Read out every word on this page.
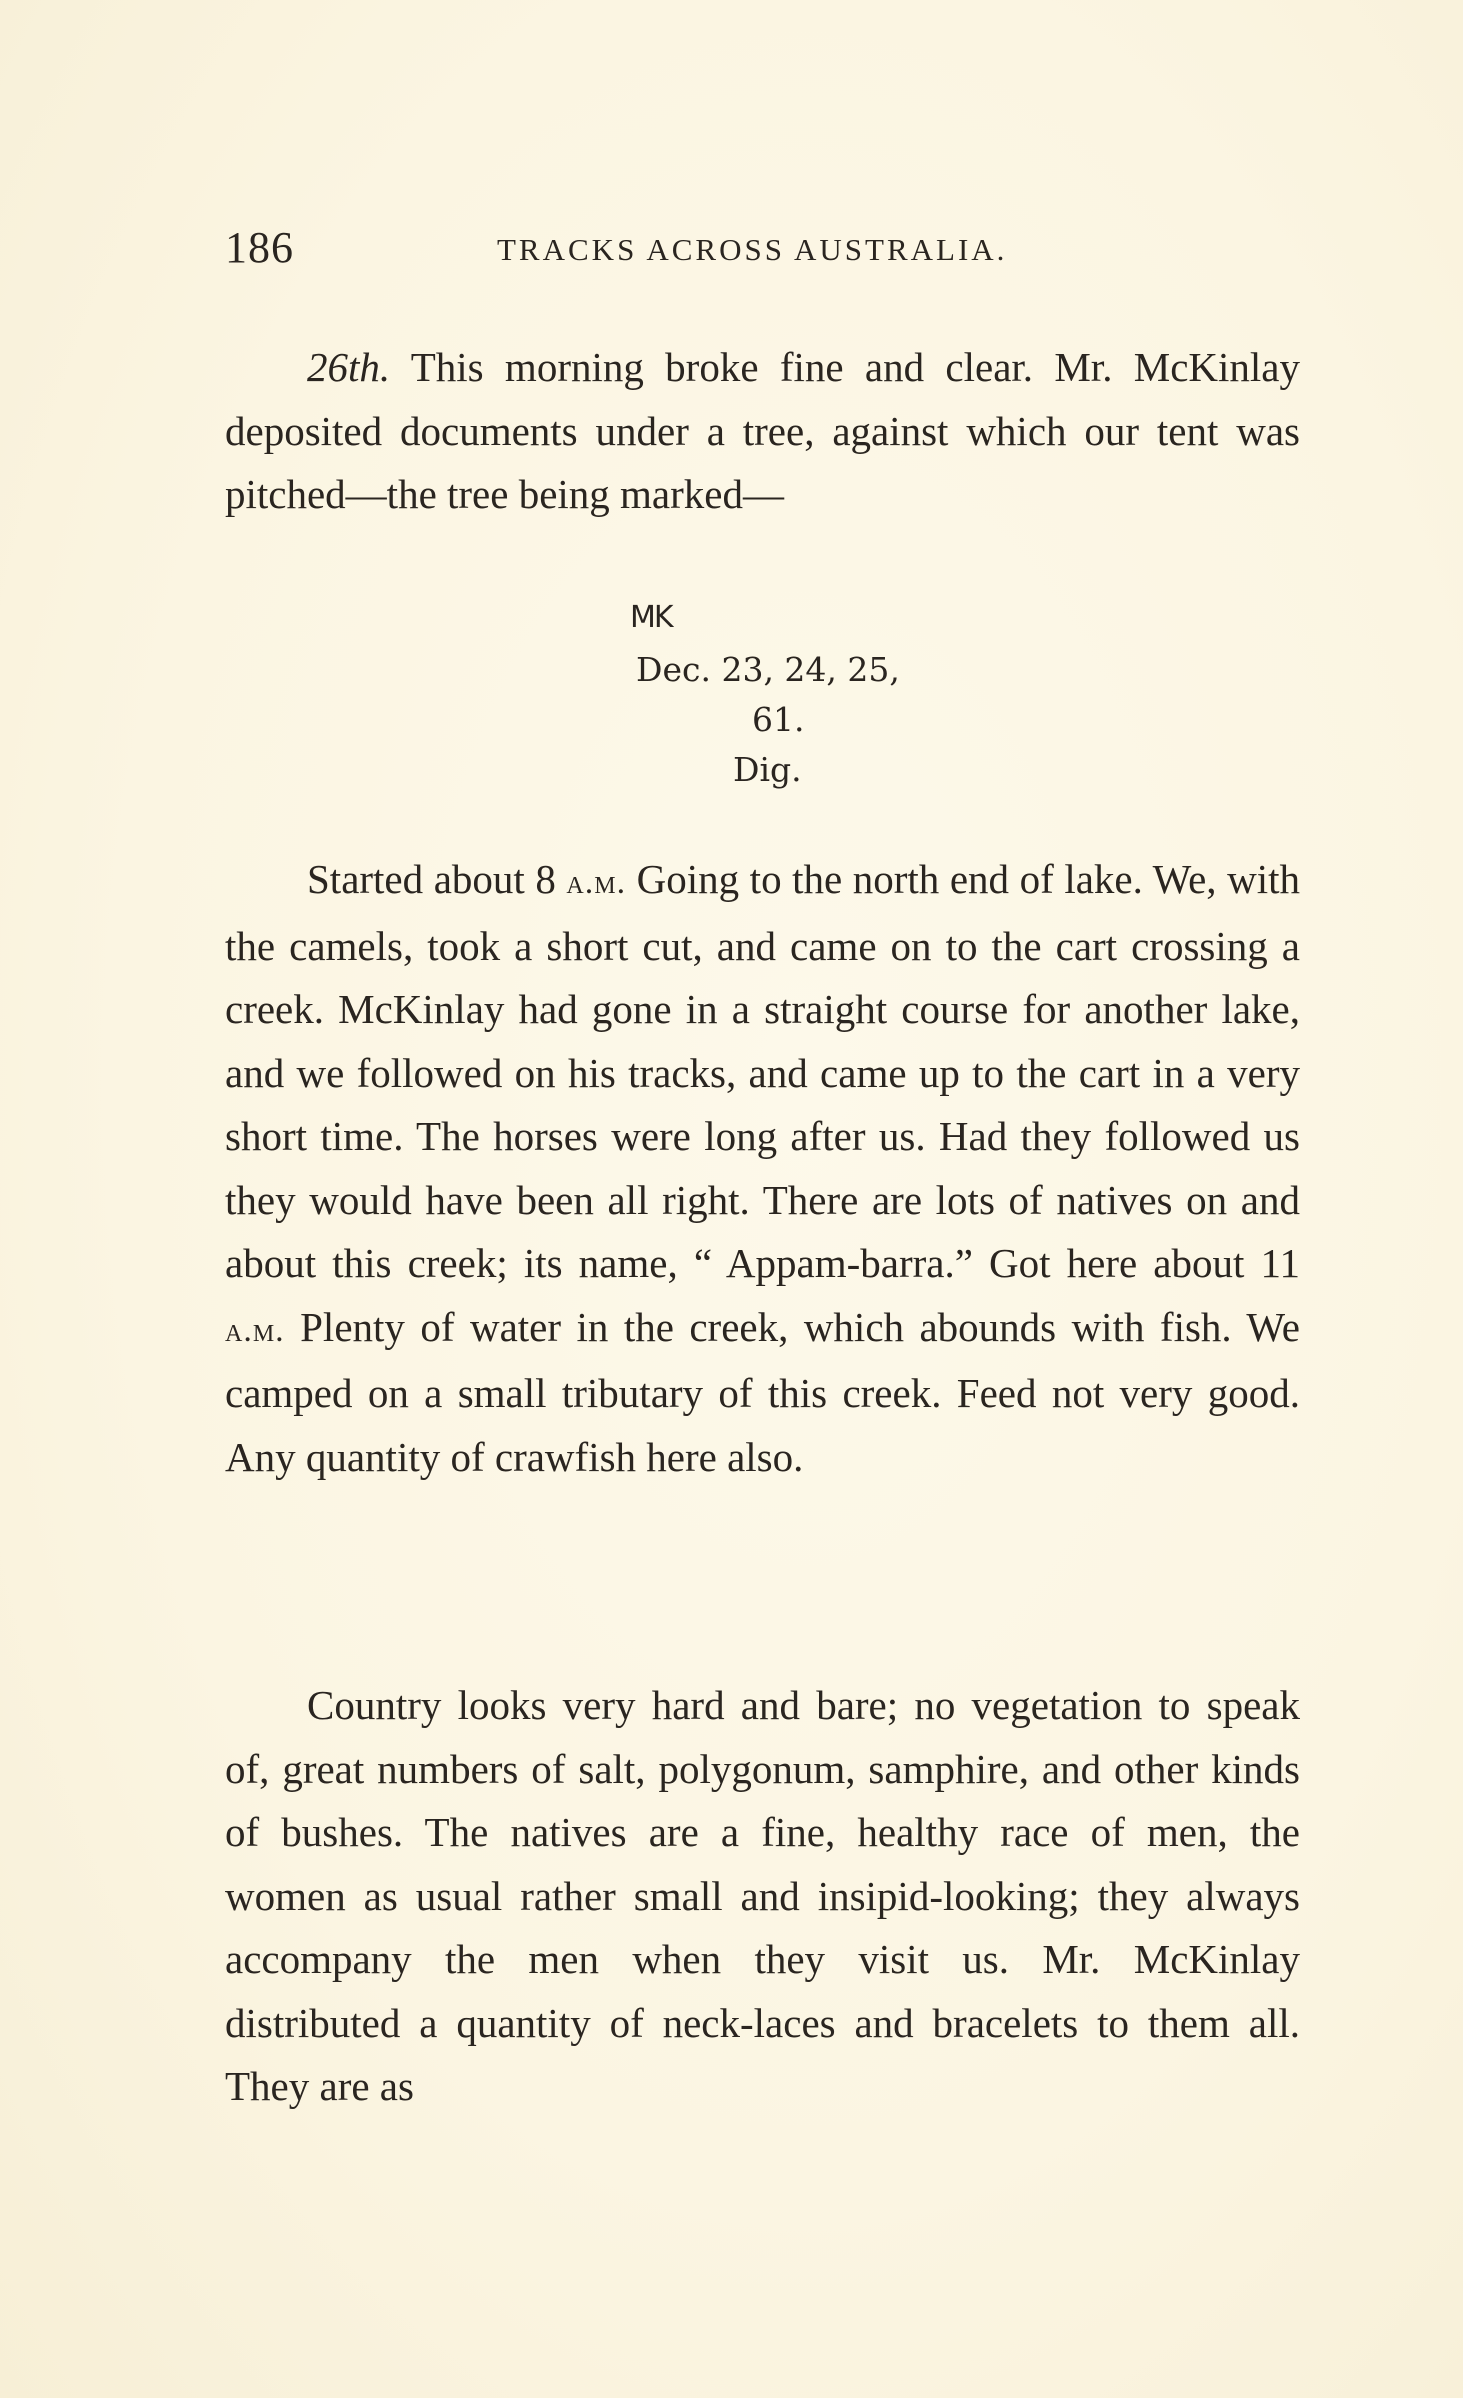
186	TRACKS ACROSS AUSTRALIA.

26th. This morning broke fine and clear. Mr. McKinlay deposited documents under a tree, against which our tent was pitched—the tree being marked—

MK
Dec. 23, 24, 25,
61.
Dig.

Started about 8 a.m. Going to the north end of lake. We, with the camels, took a short cut, and came on to the cart crossing a creek. McKinlay had gone in a straight course for another lake, and we followed on his tracks, and came up to the cart in a very short time. The horses were long after us. Had they followed us they would have been all right. There are lots of natives on and about this creek; its name, “ Appam-barra.” Got here about 11 a.m. Plenty of water in the creek, which abounds with fish. We camped on a small tributary of this creek. Feed not very good. Any quantity of crawfish here also.

Country looks very hard and bare; no vegetation to speak of, great numbers of salt, polygonum, samphire, and other kinds of bushes. The natives are a fine, healthy race of men, the women as usual rather small and insipid-looking; they always accompany the men when they visit us. Mr. McKinlay distributed a quantity of neck-laces and bracelets to them all. They are as
